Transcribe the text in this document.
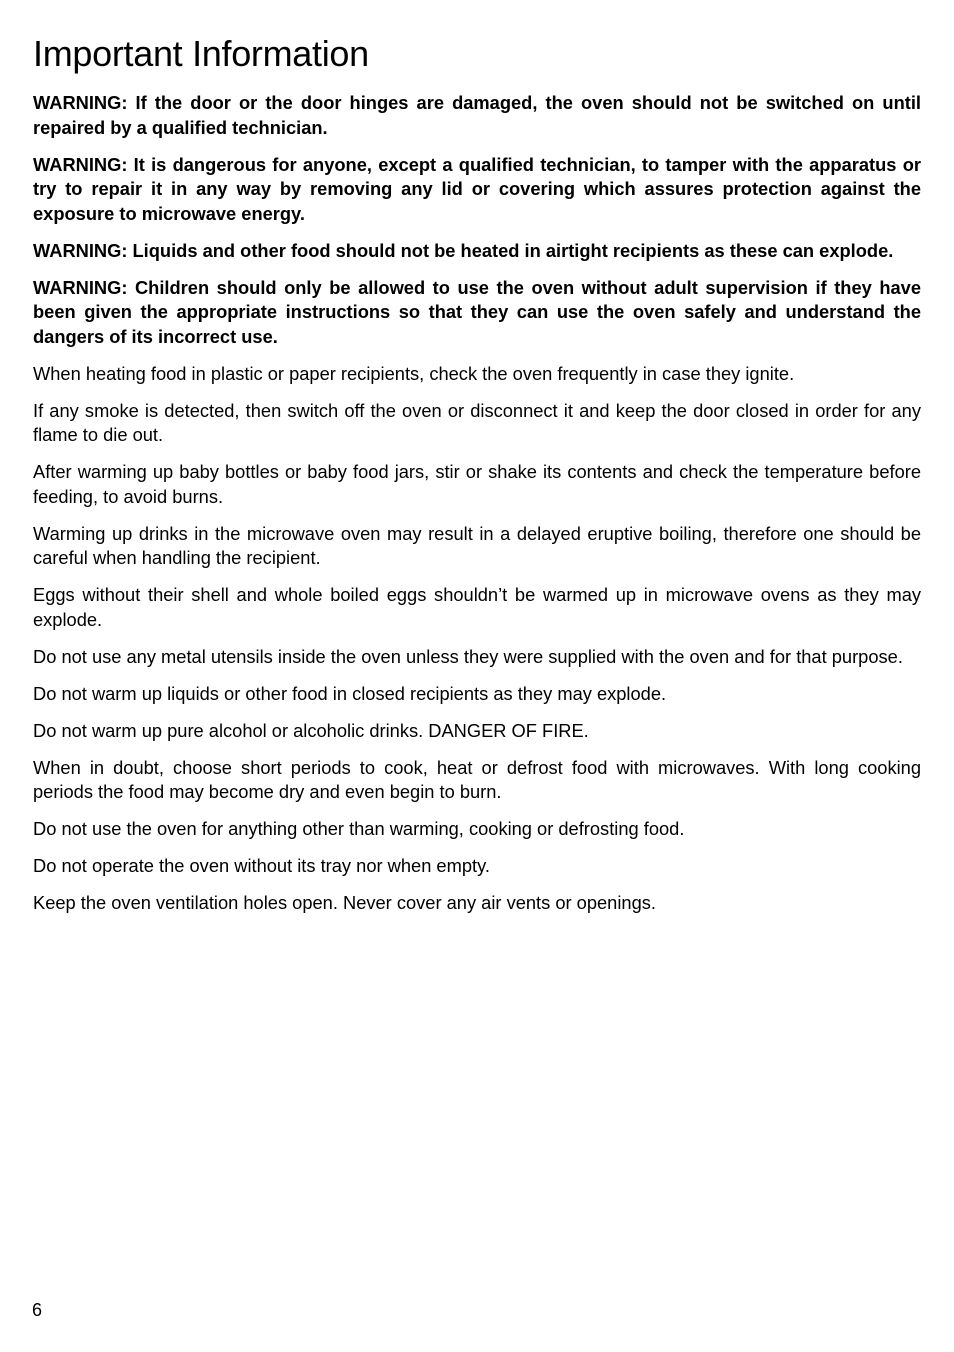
Important Information

WARNING: If the door or the door hinges are damaged, the oven should not be switched on until repaired by a qualified technician.

WARNING: It is dangerous for anyone, except a qualified technician, to tamper with the apparatus or try to repair it in any way by removing any lid or covering which assures protection against the exposure to microwave energy.

WARNING: Liquids and other food should not be heated in airtight recipients as these can explode.

WARNING: Children should only be allowed to use the oven without adult supervision if they have been given the appropriate instructions so that they can use the oven safely and understand the dangers of its incorrect use.

When heating food in plastic or paper recipients, check the oven frequently in case they ignite.

If any smoke is detected, then switch off the oven or disconnect it and keep the door closed in order for any flame to die out.

After warming up baby bottles or baby food jars, stir or shake its contents and check the temperature before feeding, to avoid burns.

Warming up drinks in the microwave oven may result in a delayed eruptive boiling, therefore one should be careful when handling the recipient.

Eggs without their shell and whole boiled eggs shouldn’t be warmed up in microwave ovens as they may explode.

Do not use any metal utensils inside the oven unless they were supplied with the oven and for that purpose.

Do not warm up liquids or other food in closed recipients as they may explode.

Do not warm up pure alcohol or alcoholic drinks. DANGER OF FIRE.

When in doubt, choose short periods to cook, heat or defrost food with microwaves. With long cooking periods the food may become dry and even begin to burn.

Do not use the oven for anything other than warming, cooking or defrosting food.

Do not operate the oven without its tray nor when empty.

Keep the oven ventilation holes open. Never cover any air vents or openings.

6
